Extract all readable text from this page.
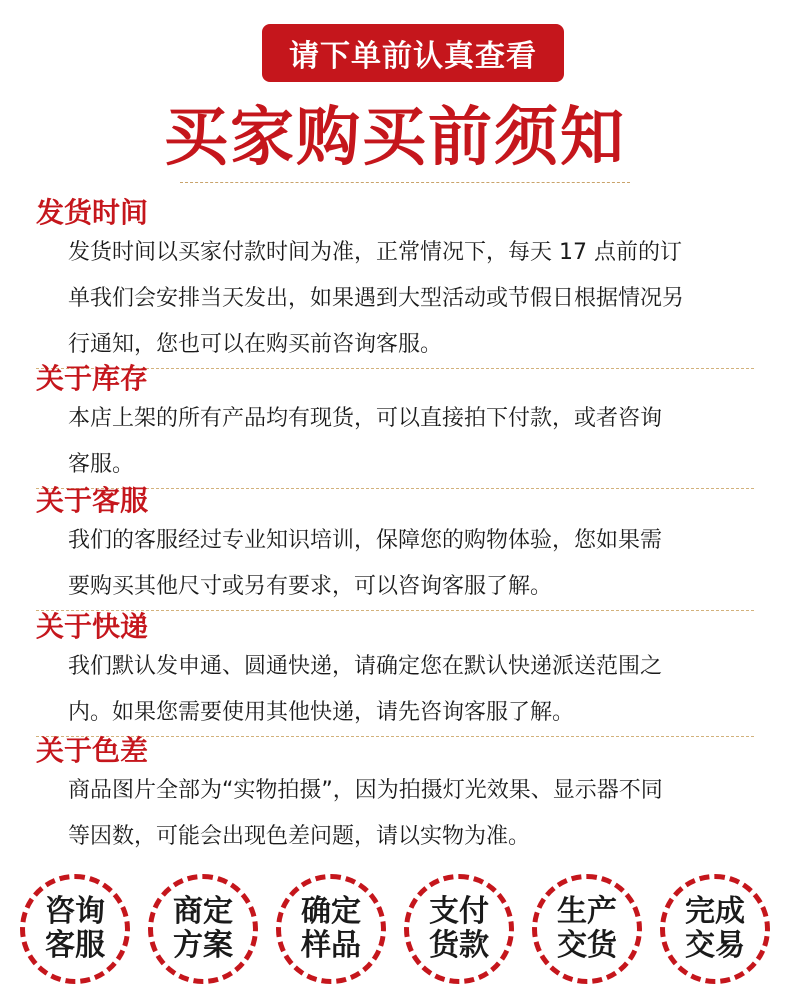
请下单前认真查看
买家购买前须知
发货时间
发货时间以买家付款时间为准，正常情况下，每天 17 点前的订
单我们会安排当天发出，如果遇到大型活动或节假日根据情况另
行通知，您也可以在购买前咨询客服。
关于库存
本店上架的所有产品均有现货，可以直接拍下付款，或者咨询
客服。
关于客服
我们的客服经过专业知识培训，保障您的购物体验，您如果需
要购买其他尺寸或另有要求，可以咨询客服了解。
关于快递
我们默认发申通、圆通快递，请确定您在默认快递派送范围之
内。如果您需要使用其他快递，请先咨询客服了解。
关于色差
商品图片全部为“实物拍摄”，因为拍摄灯光效果、显示器不同
等因数，可能会出现色差问题，请以实物为准。
咨询
客服
商定
方案
确定
样品
支付
货款
生产
交货
完成
交易
